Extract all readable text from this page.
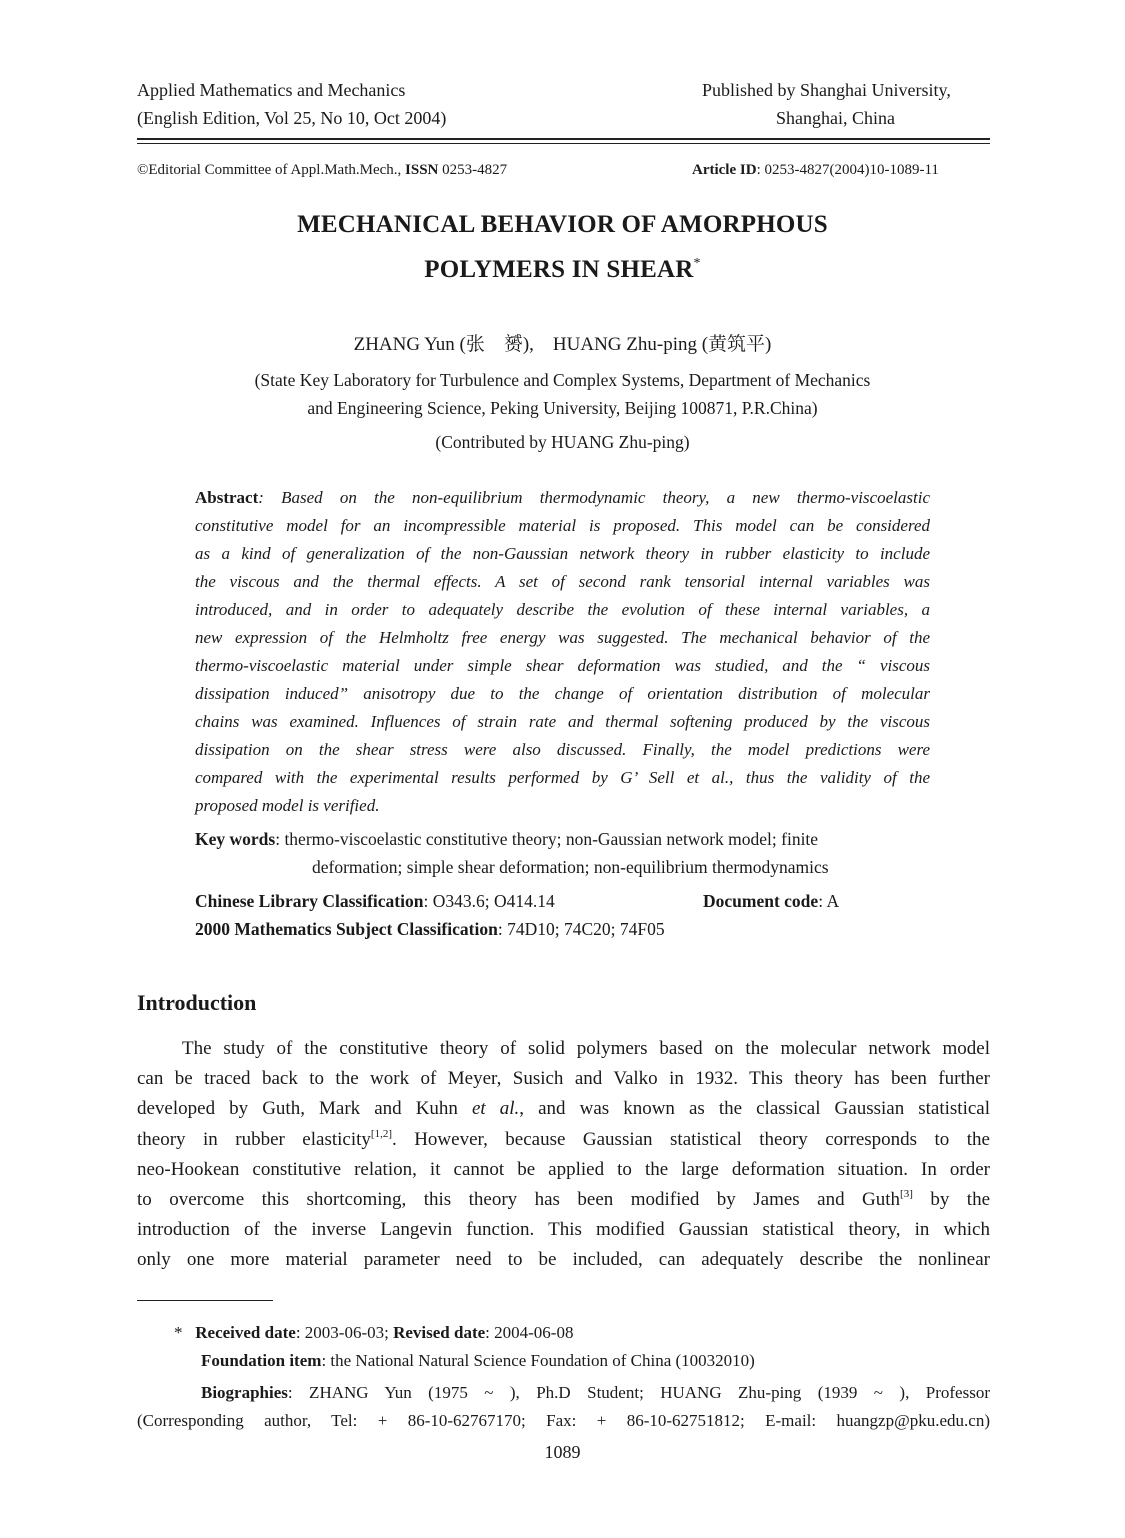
Applied Mathematics and Mechanics
(English Edition, Vol 25, No 10, Oct 2004)
Published by Shanghai University,
Shanghai, China
©Editorial Committee of Appl.Math.Mech., ISSN 0253-4827	Article ID: 0253-4827(2004)10-1089-11
MECHANICAL BEHAVIOR OF AMORPHOUS
POLYMERS IN SHEAR*
ZHANG Yun (张　赟),　HUANG Zhu-ping (黄筑平)
(State Key Laboratory for Turbulence and Complex Systems, Department of Mechanics
and Engineering Science, Peking University, Beijing 100871, P.R.China)
(Contributed by HUANG Zhu-ping)
Abstract: Based on the non-equilibrium thermodynamic theory, a new thermo-viscoelastic
constitutive model for an incompressible material is proposed. This model can be considered
as a kind of generalization of the non-Gaussian network theory in rubber elasticity to include
the viscous and the thermal effects. A set of second rank tensorial internal variables was
introduced, and in order to adequately describe the evolution of these internal variables, a
new expression of the Helmholtz free energy was suggested. The mechanical behavior of the
thermo-viscoelastic material under simple shear deformation was studied, and the “ viscous
dissipation induced” anisotropy due to the change of orientation distribution of molecular
chains was examined. Influences of strain rate and thermal softening produced by the viscous
dissipation on the shear stress were also discussed. Finally, the model predictions were
compared with the experimental results performed by G’ Sell et al., thus the validity of the
proposed model is verified.
Key words: thermo-viscoelastic constitutive theory; non-Gaussian network model; finite
deformation; simple shear deformation; non-equilibrium thermodynamics
Chinese Library Classification: O343.6; O414.14	Document code: A
2000 Mathematics Subject Classification: 74D10; 74C20; 74F05
Introduction
The study of the constitutive theory of solid polymers based on the molecular network model
can be traced back to the work of Meyer, Susich and Valko in 1932. This theory has been further
developed by Guth, Mark and Kuhn et al., and was known as the classical Gaussian statistical
theory in rubber elasticity[1,2]. However, because Gaussian statistical theory corresponds to the
neo-Hookean constitutive relation, it cannot be applied to the large deformation situation. In order
to overcome this shortcoming, this theory has been modified by James and Guth[3] by the
introduction of the inverse Langevin function. This modified Gaussian statistical theory, in which
only one more material parameter need to be included, can adequately describe the nonlinear
* Received date: 2003-06-03; Revised date: 2004-06-08
Foundation item: the National Natural Science Foundation of China (10032010)
Biographies: ZHANG Yun (1975 ~ ), Ph.D Student; HUANG Zhu-ping (1939 ~ ), Professor
(Corresponding author, Tel: + 86-10-62767170; Fax: + 86-10-62751812; E-mail: huangzp@pku.edu.cn)
1089
